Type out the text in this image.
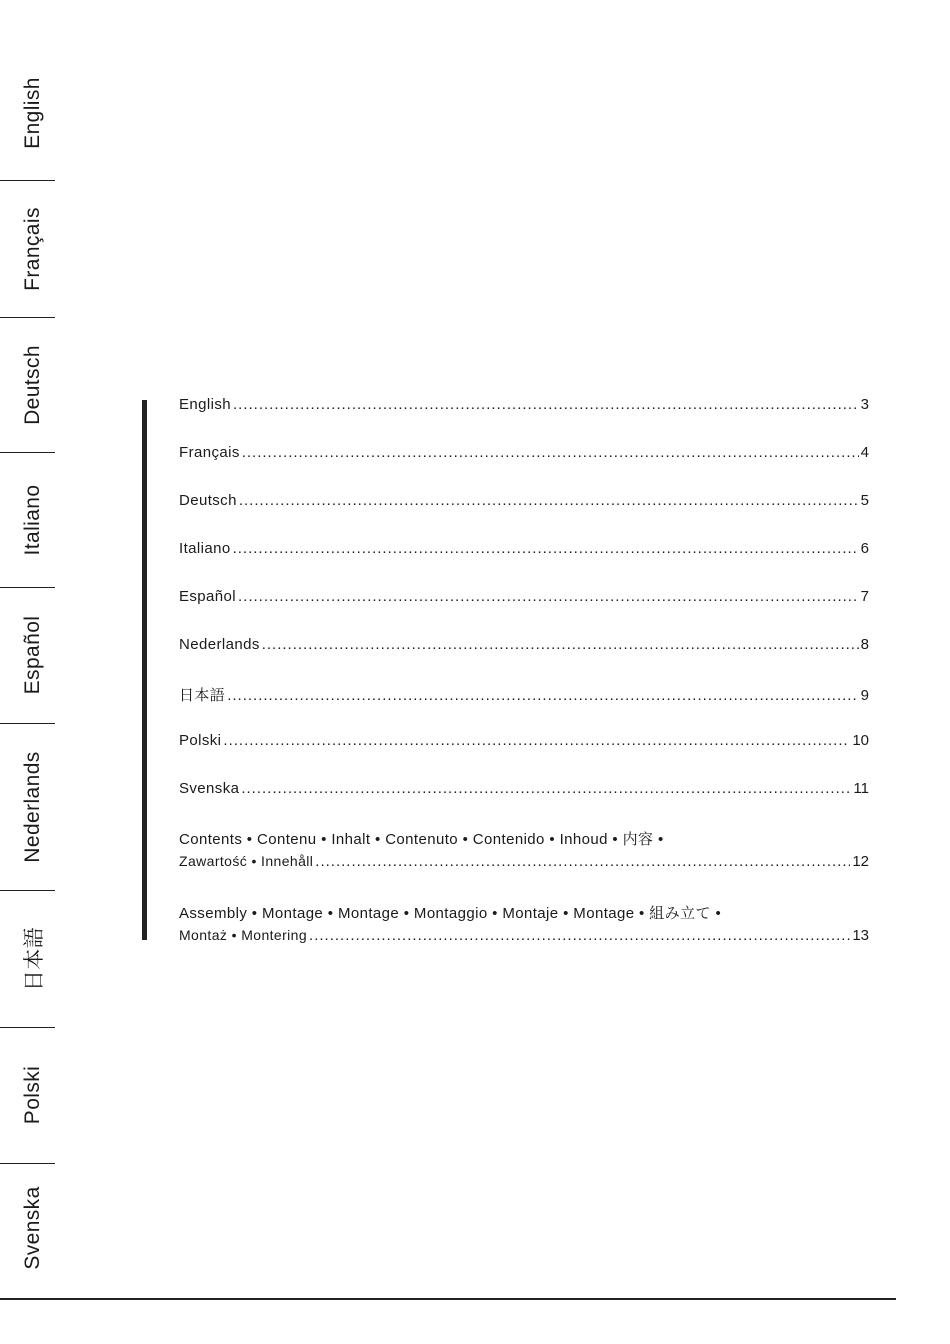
English
Français
Deutsch
Italiano
Español
Nederlands
日本語
Polski
Svenska
English .....	3
Français .....	4
Deutsch .....	5
Italiano .....	6
Español .....	7
Nederlands .....	8
日本語 .....	9
Polski .....	10
Svenska .....	11
Contents • Contenu • Inhalt • Contenuto • Contenido • Inhoud • 内容 •
Zawartość • Innehåll .....	12
Assembly • Montage • Montage • Montaggio • Montaje • Montage • 組み立て •
Montaż • Montering .....	13
